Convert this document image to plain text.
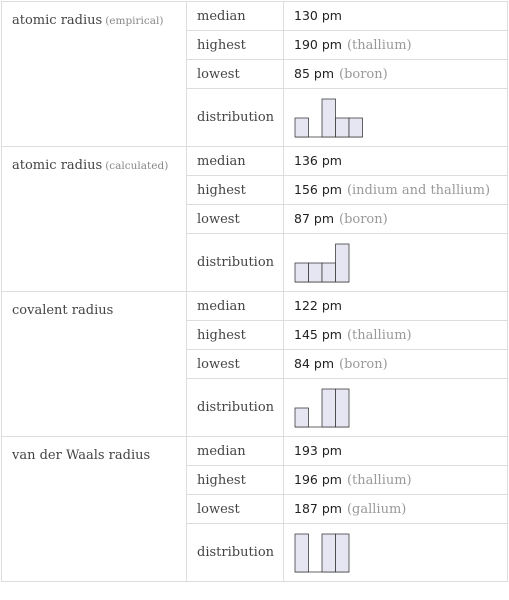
atomic radius (empirical)	median	130 pm
	highest	190 pm (thallium)
	lowest	85 pm (boron)
	distribution	

atomic radius (calculated)	median	136 pm
	highest	156 pm (indium and thallium)
	lowest	87 pm (boron)
	distribution	

covalent radius	median	122 pm
	highest	145 pm (thallium)
	lowest	84 pm (boron)
	distribution	

van der Waals radius	median	193 pm
	highest	196 pm (thallium)
	lowest	187 pm (gallium)
	distribution	
